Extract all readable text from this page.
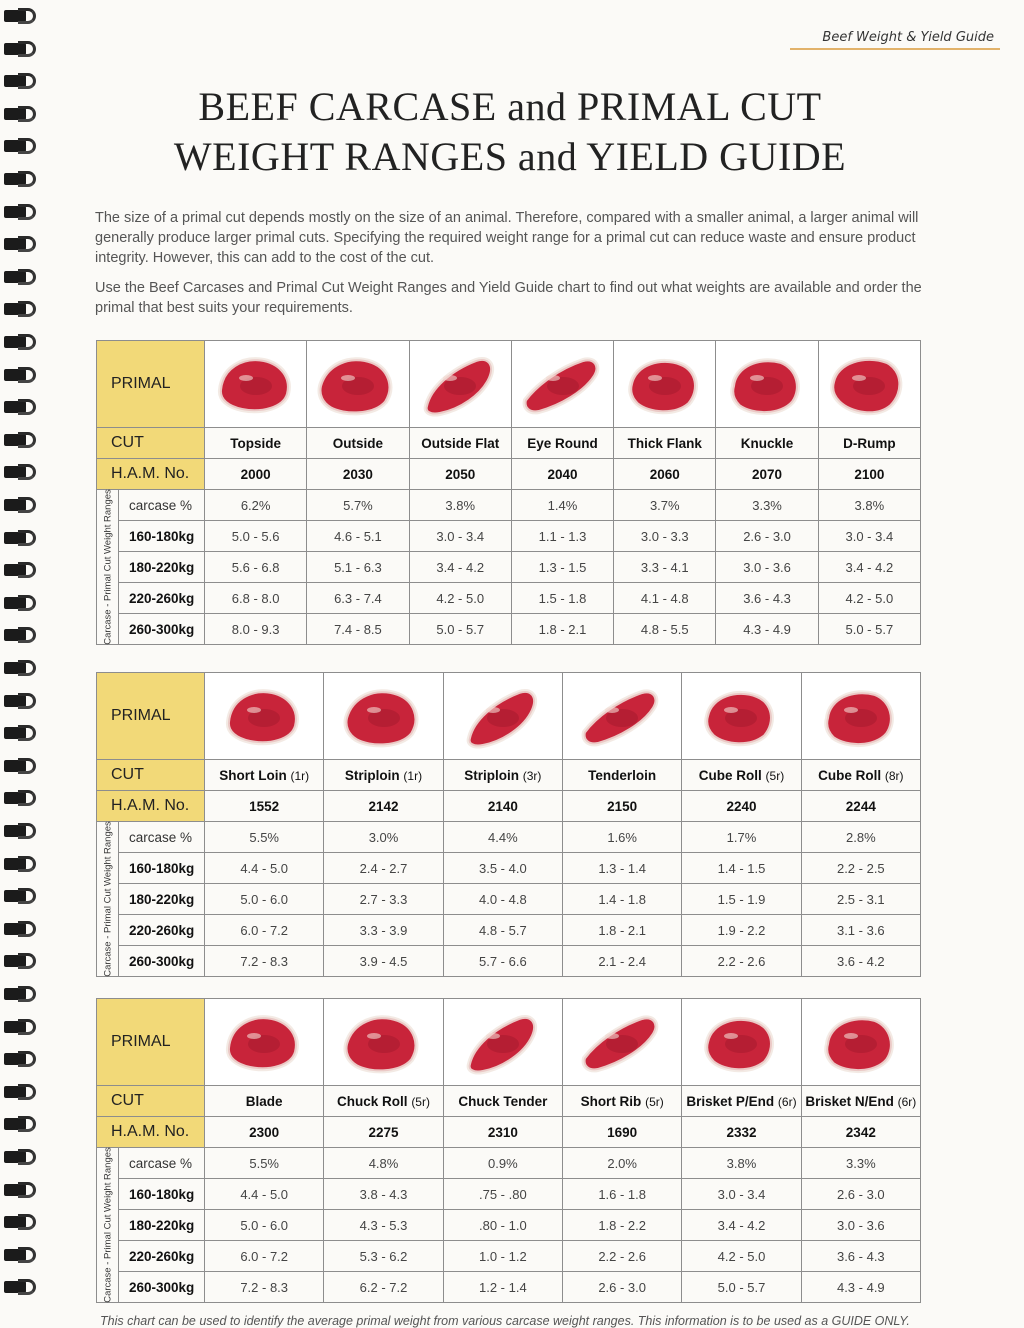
Beef Weight & Yield Guide
BEEF CARCASE and PRIMAL CUT
WEIGHT RANGES and YIELD GUIDE

The size of a primal cut depends mostly on the size of an animal. Therefore, compared with a smaller animal, a larger animal will generally produce larger primal cuts. Specifying the required weight range for a primal cut can reduce waste and ensure product integrity. However, this can add to the cost of the cut.

Use the Beef Carcases and Primal Cut Weight Ranges and Yield Guide chart to find out what weights are available and order the primal that best suits your requirements.

PRIMAL	

CUT		Topside	Outside	Outside Flat	Eye Round	Thick Flank	Knuckle	D-Rump
H.A.M. No.		2000	2030	2050	2040	2060	2070	2100

Carcase - Primal Cut Weight Ranges	carcase %	6.2%	5.7%	3.8%	1.4%	3.7%	3.3%	3.8%
	160-180kg	5.0 - 5.6	4.6 - 5.1	3.0 - 3.4	1.1 - 1.3	3.0 - 3.3	2.6 - 3.0	3.0 - 3.4
	180-220kg	5.6 - 6.8	5.1 - 6.3	3.4 - 4.2	1.3 - 1.5	3.3 - 4.1	3.0 - 3.6	3.4 - 4.2
	220-260kg	6.8 - 8.0	6.3 - 7.4	4.2 - 5.0	1.5 - 1.8	4.1 - 4.8	3.6 - 4.3	4.2 - 5.0
	260-300kg	8.0 - 9.3	7.4 - 8.5	5.0 - 5.7	1.8 - 2.1	4.8 - 5.5	4.3 - 4.9	5.0 - 5.7
PRIMAL	

CUT		Short Loin (1r)	Striploin (1r)	Striploin (3r)	Tenderloin	Cube Roll (5r)	Cube Roll (8r)
H.A.M. No.		1552	2142	2140	2150	2240	2244

Carcase - Primal Cut Weight Ranges	carcase %	5.5%	3.0%	4.4%	1.6%	1.7%	2.8%
	160-180kg	4.4 - 5.0	2.4 - 2.7	3.5 - 4.0	1.3 - 1.4	1.4 - 1.5	2.2 - 2.5
	180-220kg	5.0 - 6.0	2.7 - 3.3	4.0 - 4.8	1.4 - 1.8	1.5 - 1.9	2.5 - 3.1
	220-260kg	6.0 - 7.2	3.3 - 3.9	4.8 - 5.7	1.8 - 2.1	1.9 - 2.2	3.1 - 3.6
	260-300kg	7.2 - 8.3	3.9 - 4.5	5.7 - 6.6	2.1 - 2.4	2.2 - 2.6	3.6 - 4.2
PRIMAL	

CUT		Blade	Chuck Roll (5r)	Chuck Tender	Short Rib (5r)	Brisket P/End (6r)	Brisket N/End (6r)
H.A.M. No.		2300	2275	2310	1690	2332	2342

Carcase - Primal Cut Weight Ranges	carcase %	5.5%	4.8%	0.9%	2.0%	3.8%	3.3%
	160-180kg	4.4 - 5.0	3.8 - 4.3	.75 - .80	1.6 - 1.8	3.0 - 3.4	2.6 - 3.0
	180-220kg	5.0 - 6.0	4.3 - 5.3	.80 - 1.0	1.8 - 2.2	3.4 - 4.2	3.0 - 3.6
	220-260kg	6.0 - 7.2	5.3 - 6.2	1.0 - 1.2	2.2 - 2.6	4.2 - 5.0	3.6 - 4.3
	260-300kg	7.2 - 8.3	6.2 - 7.2	1.2 - 1.4	2.6 - 3.0	5.0 - 5.7	4.3 - 4.9
This chart can be used to identify the average primal weight from various carcase weight ranges. This information is to be used as a GUIDE ONLY.
